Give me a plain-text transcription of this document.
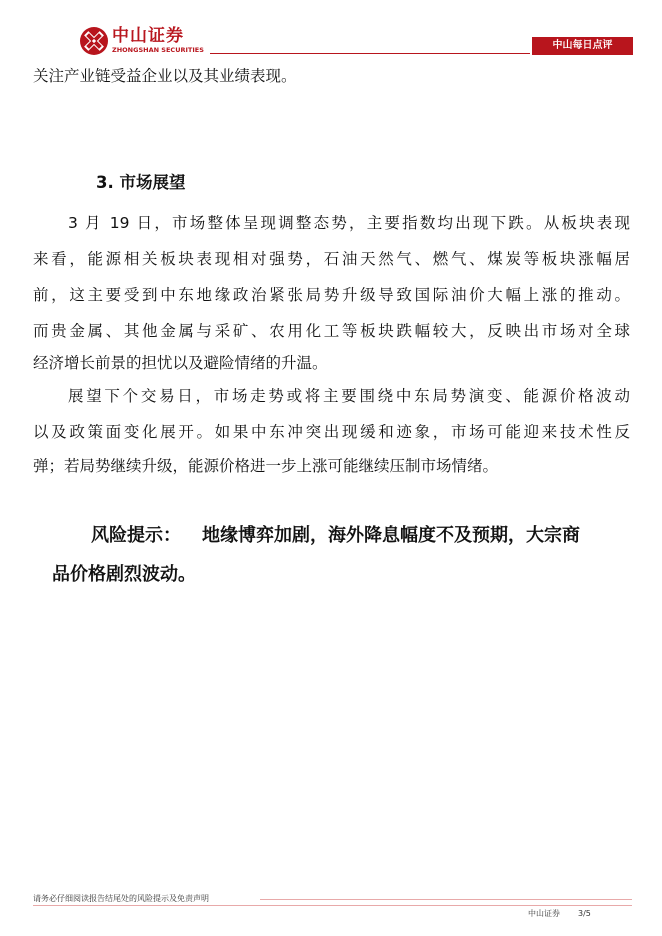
中山证券
ZHONGSHAN SECURITIES	中山每日点评
关注产业链受益企业以及其业绩表现。
3. 市场展望
3 月 19 日，市场整体呈现调整态势，主要指数均出现下跌。从板块表现
来看，能源相关板块表现相对强势，石油天然气、燃气、煤炭等板块涨幅居
前，这主要受到中东地缘政治紧张局势升级导致国际油价大幅上涨的推动。
而贵金属、其他金属与采矿、农用化工等板块跌幅较大，反映出市场对全球
经济增长前景的担忧以及避险情绪的升温。
展望下个交易日，市场走势或将主要围绕中东局势演变、能源价格波动
以及政策面变化展开。如果中东冲突出现缓和迹象，市场可能迎来技术性反
弹；若局势继续升级，能源价格进一步上涨可能继续压制市场情绪。
风险提示： 地缘博弈加剧，海外降息幅度不及预期，大宗商
品价格剧烈波动。
请务必仔细阅读报告结尾处的风险提示及免责声明
中山证券 3/5
